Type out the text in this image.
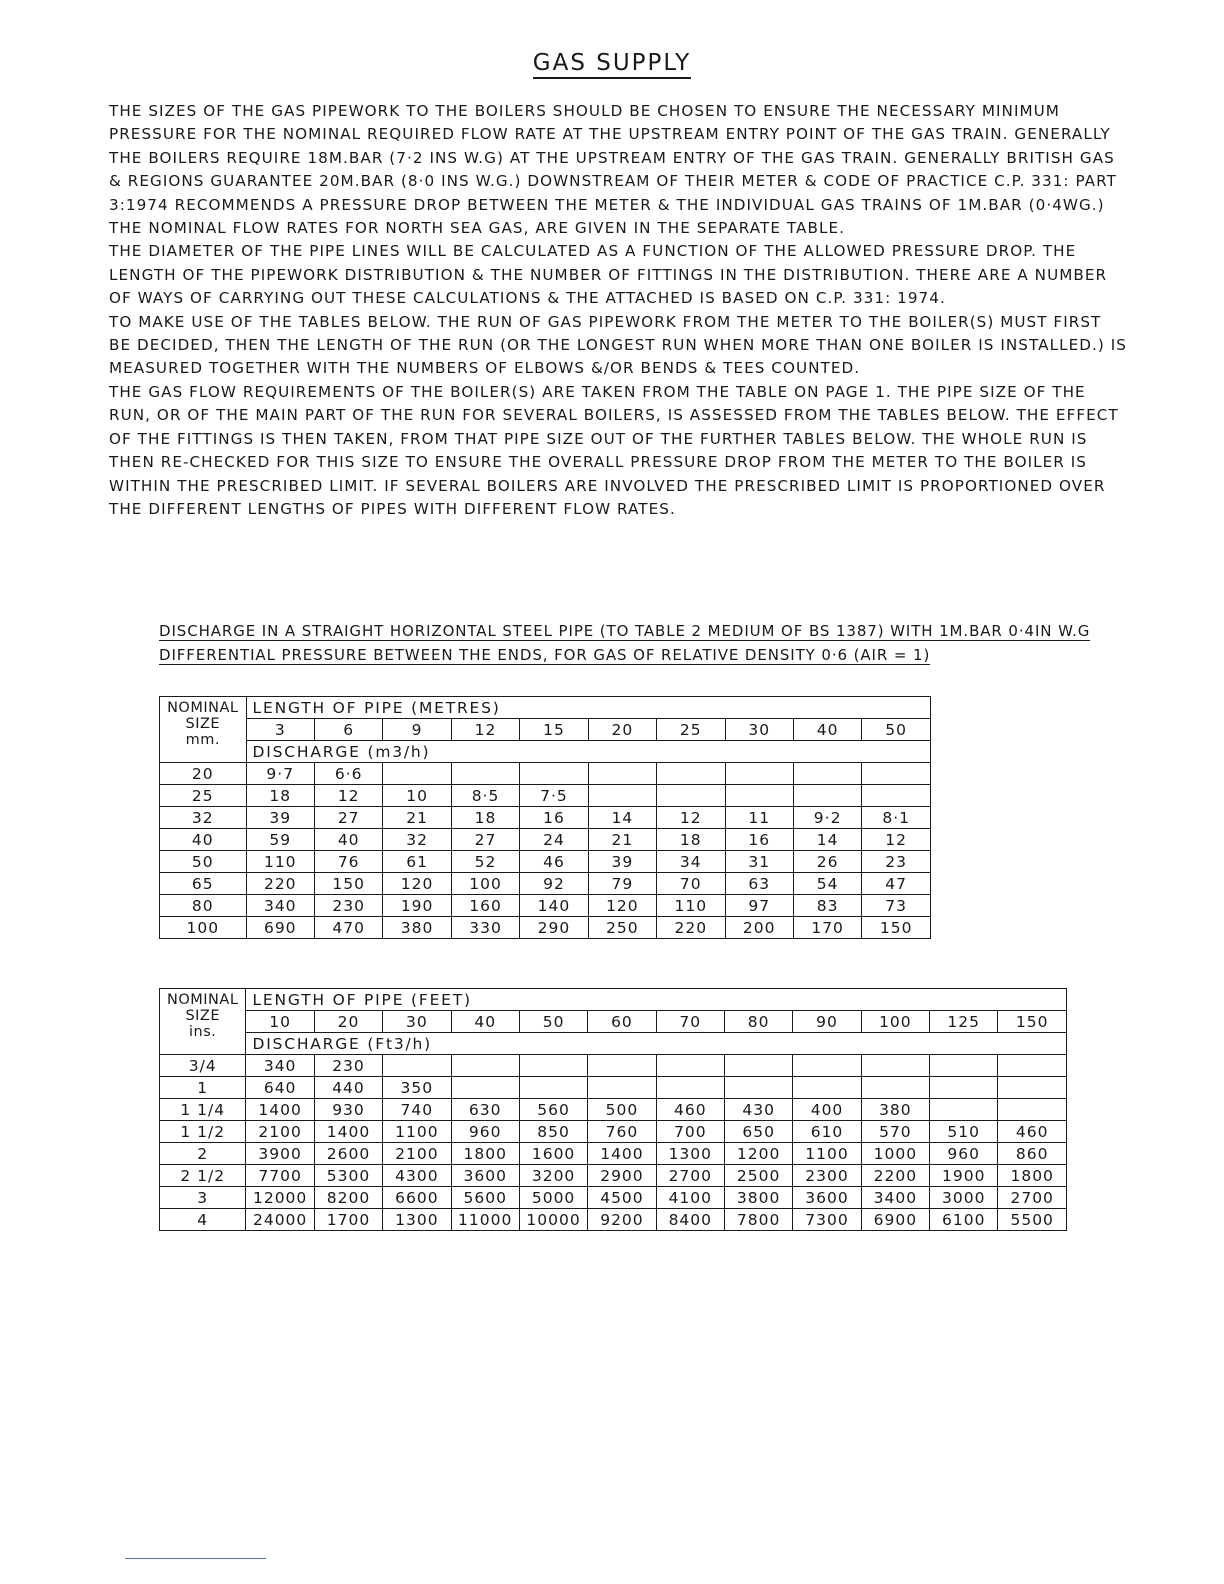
GAS SUPPLY

THE SIZES OF THE GAS PIPEWORK TO THE BOILERS SHOULD BE CHOSEN TO ENSURE THE NECESSARY MINIMUM PRESSURE FOR THE NOMINAL REQUIRED FLOW RATE AT THE UPSTREAM ENTRY POINT OF THE GAS TRAIN. GENERALLY THE BOILERS REQUIRE 18M.BAR (7·2 INS W.G) AT THE UPSTREAM ENTRY OF THE GAS TRAIN. GENERALLY BRITISH GAS & REGIONS GUARANTEE 20M.BAR (8·0 INS W.G.) DOWNSTREAM OF THEIR METER & CODE OF PRACTICE C.P. 331: PART 3:1974 RECOMMENDS A PRESSURE DROP BETWEEN THE METER & THE INDIVIDUAL GAS TRAINS OF 1M.BAR (0·4WG.) THE NOMINAL FLOW RATES FOR NORTH SEA GAS, ARE GIVEN IN THE SEPARATE TABLE.

THE DIAMETER OF THE PIPE LINES WILL BE CALCULATED AS A FUNCTION OF THE ALLOWED PRESSURE DROP. THE LENGTH OF THE PIPEWORK DISTRIBUTION & THE NUMBER OF FITTINGS IN THE DISTRIBUTION. THERE ARE A NUMBER OF WAYS OF CARRYING OUT THESE CALCULATIONS & THE ATTACHED IS BASED ON C.P. 331: 1974.

TO MAKE USE OF THE TABLES BELOW. THE RUN OF GAS PIPEWORK FROM THE METER TO THE BOILER(S) MUST FIRST BE DECIDED, THEN THE LENGTH OF THE RUN (OR THE LONGEST RUN WHEN MORE THAN ONE BOILER IS INSTALLED.) IS MEASURED TOGETHER WITH THE NUMBERS OF ELBOWS &/OR BENDS & TEES COUNTED.

THE GAS FLOW REQUIREMENTS OF THE BOILER(S) ARE TAKEN FROM THE TABLE ON PAGE 1. THE PIPE SIZE OF THE RUN, OR OF THE MAIN PART OF THE RUN FOR SEVERAL BOILERS, IS ASSESSED FROM THE TABLES BELOW. THE EFFECT OF THE FITTINGS IS THEN TAKEN, FROM THAT PIPE SIZE OUT OF THE FURTHER TABLES BELOW. THE WHOLE RUN IS THEN RE-CHECKED FOR THIS SIZE TO ENSURE THE OVERALL PRESSURE DROP FROM THE METER TO THE BOILER IS WITHIN THE PRESCRIBED LIMIT. IF SEVERAL BOILERS ARE INVOLVED THE PRESCRIBED LIMIT IS PROPORTIONED OVER THE DIFFERENT LENGTHS OF PIPES WITH DIFFERENT FLOW RATES.

DISCHARGE IN A STRAIGHT HORIZONTAL STEEL PIPE (TO TABLE 2 MEDIUM OF BS 1387) WITH 1M.BAR 0·4IN W.G

DIFFERENTIAL PRESSURE BETWEEN THE ENDS, FOR GAS OF RELATIVE DENSITY 0·6 (AIR = 1)

NOMINAL
SIZE
mm.	LENGTH OF PIPE (METRES)									
	3	6	9	12	15	20	25	30	40	50
	DISCHARGE (m3/h)									
20	9·7	6·6								
25	18	12	10	8·5	7·5					
32	39	27	21	18	16	14	12	11	9·2	8·1
40	59	40	32	27	24	21	18	16	14	12
50	110	76	61	52	46	39	34	31	26	23
65	220	150	120	100	92	79	70	63	54	47
80	340	230	190	160	140	120	110	97	83	73
100	690	470	380	330	290	250	220	200	170	150
NOMINAL
SIZE
ins.	LENGTH OF PIPE (FEET)											
	10	20	30	40	50	60	70	80	90	100	125	150
	DISCHARGE (Ft3/h)											
3/4	340	230										
1	640	440	350									
1 1/4	1400	930	740	630	560	500	460	430	400	380		
1 1/2	2100	1400	1100	960	850	760	700	650	610	570	510	460
2	3900	2600	2100	1800	1600	1400	1300	1200	1100	1000	960	860
2 1/2	7700	5300	4300	3600	3200	2900	2700	2500	2300	2200	1900	1800
3	12000	8200	6600	5600	5000	4500	4100	3800	3600	3400	3000	2700
4	24000	1700	1300	11000	10000	9200	8400	7800	7300	6900	6100	5500
